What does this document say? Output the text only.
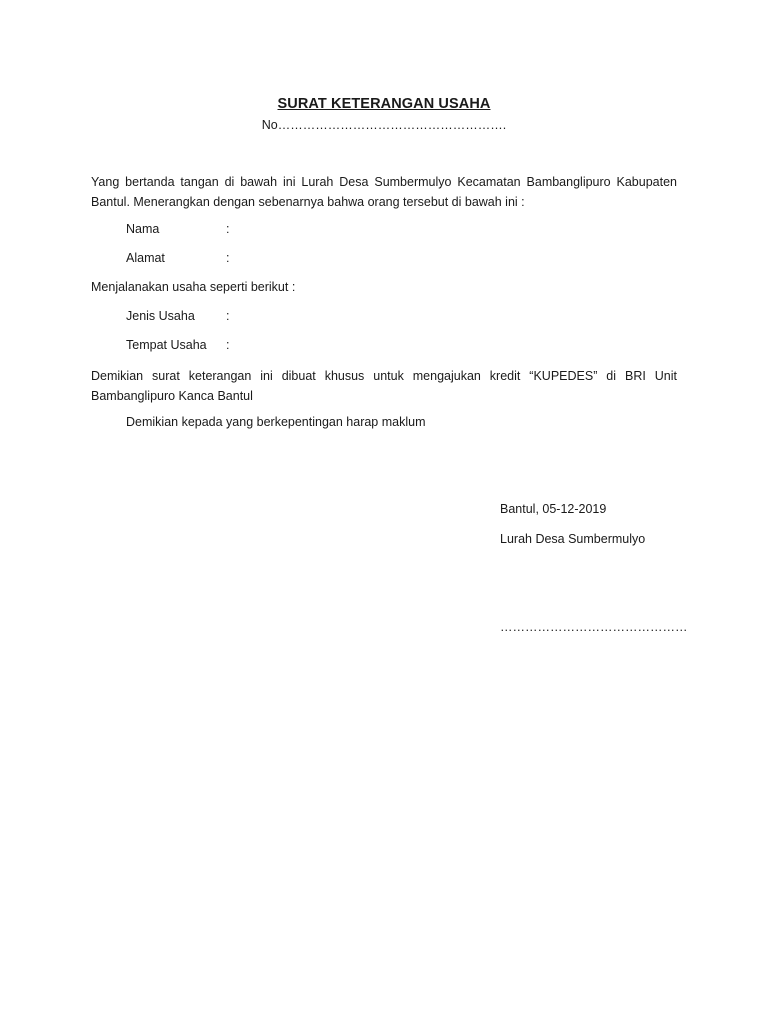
SURAT KETERANGAN USAHA
No……………………………………………….
Yang bertanda tangan di bawah ini Lurah Desa Sumbermulyo Kecamatan Bambanglipuro Kabupaten Bantul. Menerangkan dengan sebenarnya bahwa orang tersebut di bawah ini :
Nama	:
Alamat	:
Menjalanakan usaha seperti berikut :
Jenis Usaha :
Tempat Usaha :
Demikian surat keterangan ini dibuat khusus untuk mengajukan kredit “KUPEDES” di BRI Unit Bambanglipuro Kanca Bantul
Demikian kepada yang berkepentingan harap maklum
Bantul, 05-12-2019
Lurah Desa Sumbermulyo
………………………………………
